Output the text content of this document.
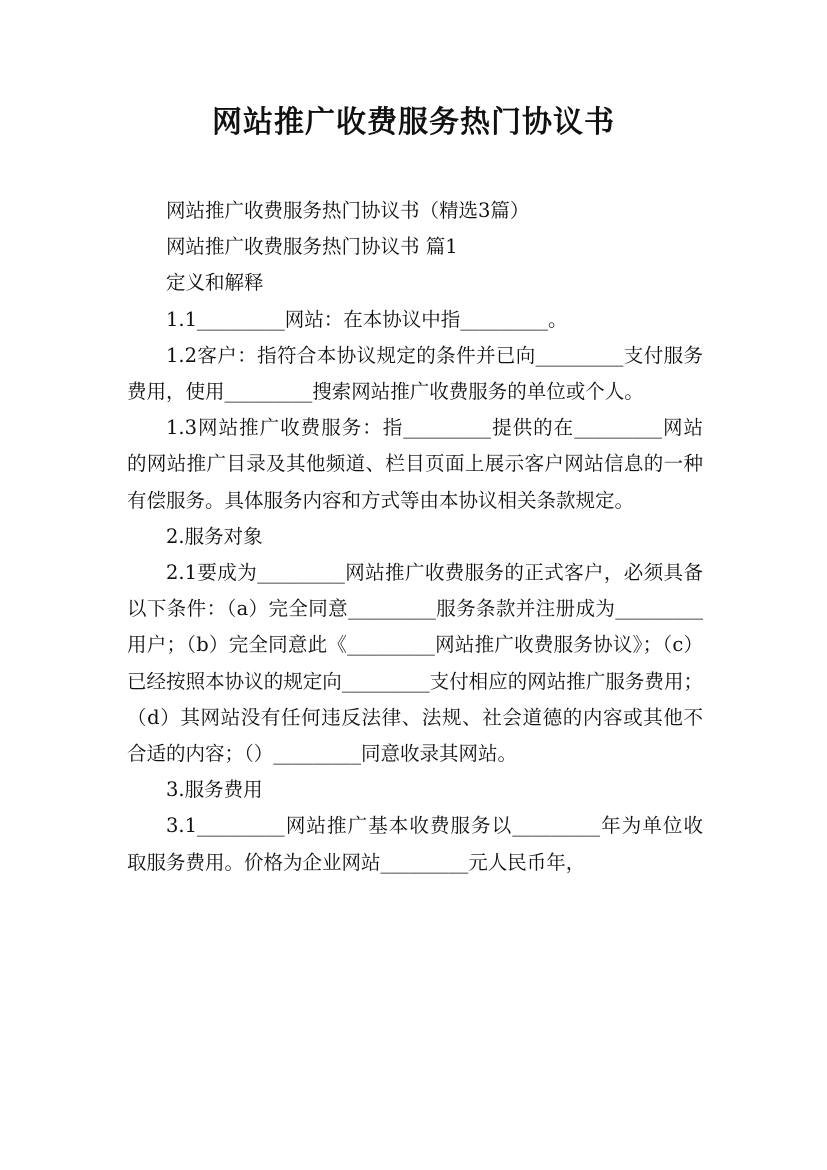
网站推广收费服务热门协议书

网站推广收费服务热门协议书（精选3篇）

网站推广收费服务热门协议书 篇1

定义和解释

1.1_________网站：在本协议中指_________。

1.2客户：指符合本协议规定的条件并已向_________支付服务费用，使用_________搜索网站推广收费服务的单位或个人。

1.3网站推广收费服务：指_________提供的在_________网站的网站推广目录及其他频道、栏目页面上展示客户网站信息的一种有偿服务。具体服务内容和方式等由本协议相关条款规定。

2.服务对象

2.1要成为_________网站推广收费服务的正式客户，必须具备以下条件：（a）完全同意_________服务条款并注册成为_________用户；（b）完全同意此《_________网站推广收费服务协议》；（c）已经按照本协议的规定向_________支付相应的网站推广服务费用；（d）其网站没有任何违反法律、法规、社会道德的内容或其他不合适的内容；（）_________同意收录其网站。

3.服务费用

3.1_________网站推广基本收费服务以_________年为单位收取服务费用。价格为企业网站_________元人民币年，
